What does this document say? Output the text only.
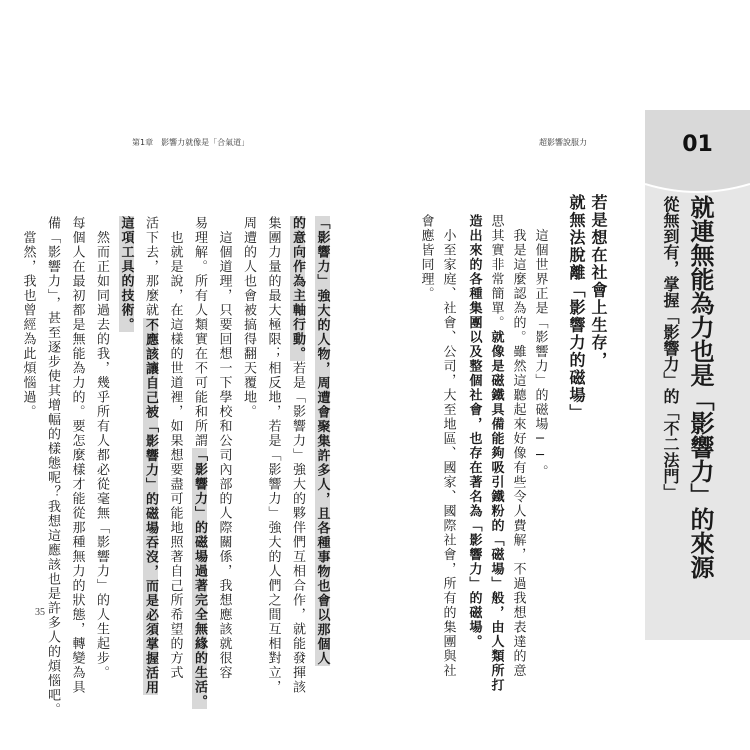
第1章　影響力就像是「合氣道」
35
超影響說服力
「影響力」強大的人物，周遭會聚集許多人，且各種事物也會以那個人
的意向作為主軸行動。若是「影響力」強大的夥伴們互相合作，就能發揮該
集團力量的最大極限；相反地，若是「影響力」強大的人們之間互相對立，
周遭的人也會被搞得翻天覆地。
　這個道理，只要回想一下學校和公司內部的人際關係，我想應該就很容
易理解。所有人類實在不可能和所謂「影響力」的磁場過著完全無緣的生活。
　也就是說，在這樣的世道裡，如果想要盡可能地照著自己所希望的方式
活下去，那麼就不應該讓自己被「影響力」的磁場吞沒，而是必須掌握活用
這項工具的技術。
　然而正如同過去的我，幾乎所有人都必從毫無「影響力」的人生起步。
每個人在最初都是無能為力的。要怎麼樣才能從那種無力的狀態，轉變為具
備「影響力」，甚至逐步使其增幅的樣態呢？我想這應該也是許多人的煩惱吧。
　當然，我也曾經為此煩惱過。	若是想在社會上生存，
就無法脫離「影響力的磁場」
　這個世界正是「影響力」的磁場──。
　我是這麼認為的。雖然這聽起來好像有些令人費解，不過我想表達的意
思其實非常簡單。就像是磁鐵具備能夠吸引鐵粉的「磁場」般，由人類所打
造出來的各種集團以及整個社會，也存在著名為「影響力」的磁場。
　小至家庭、社會、公司，大至地區、國家、國際社會，所有的集團與社
會應皆同理。
01
就連無能為力也是「影響力」的來源
從無到有，掌握「影響力」的「不二法門」
